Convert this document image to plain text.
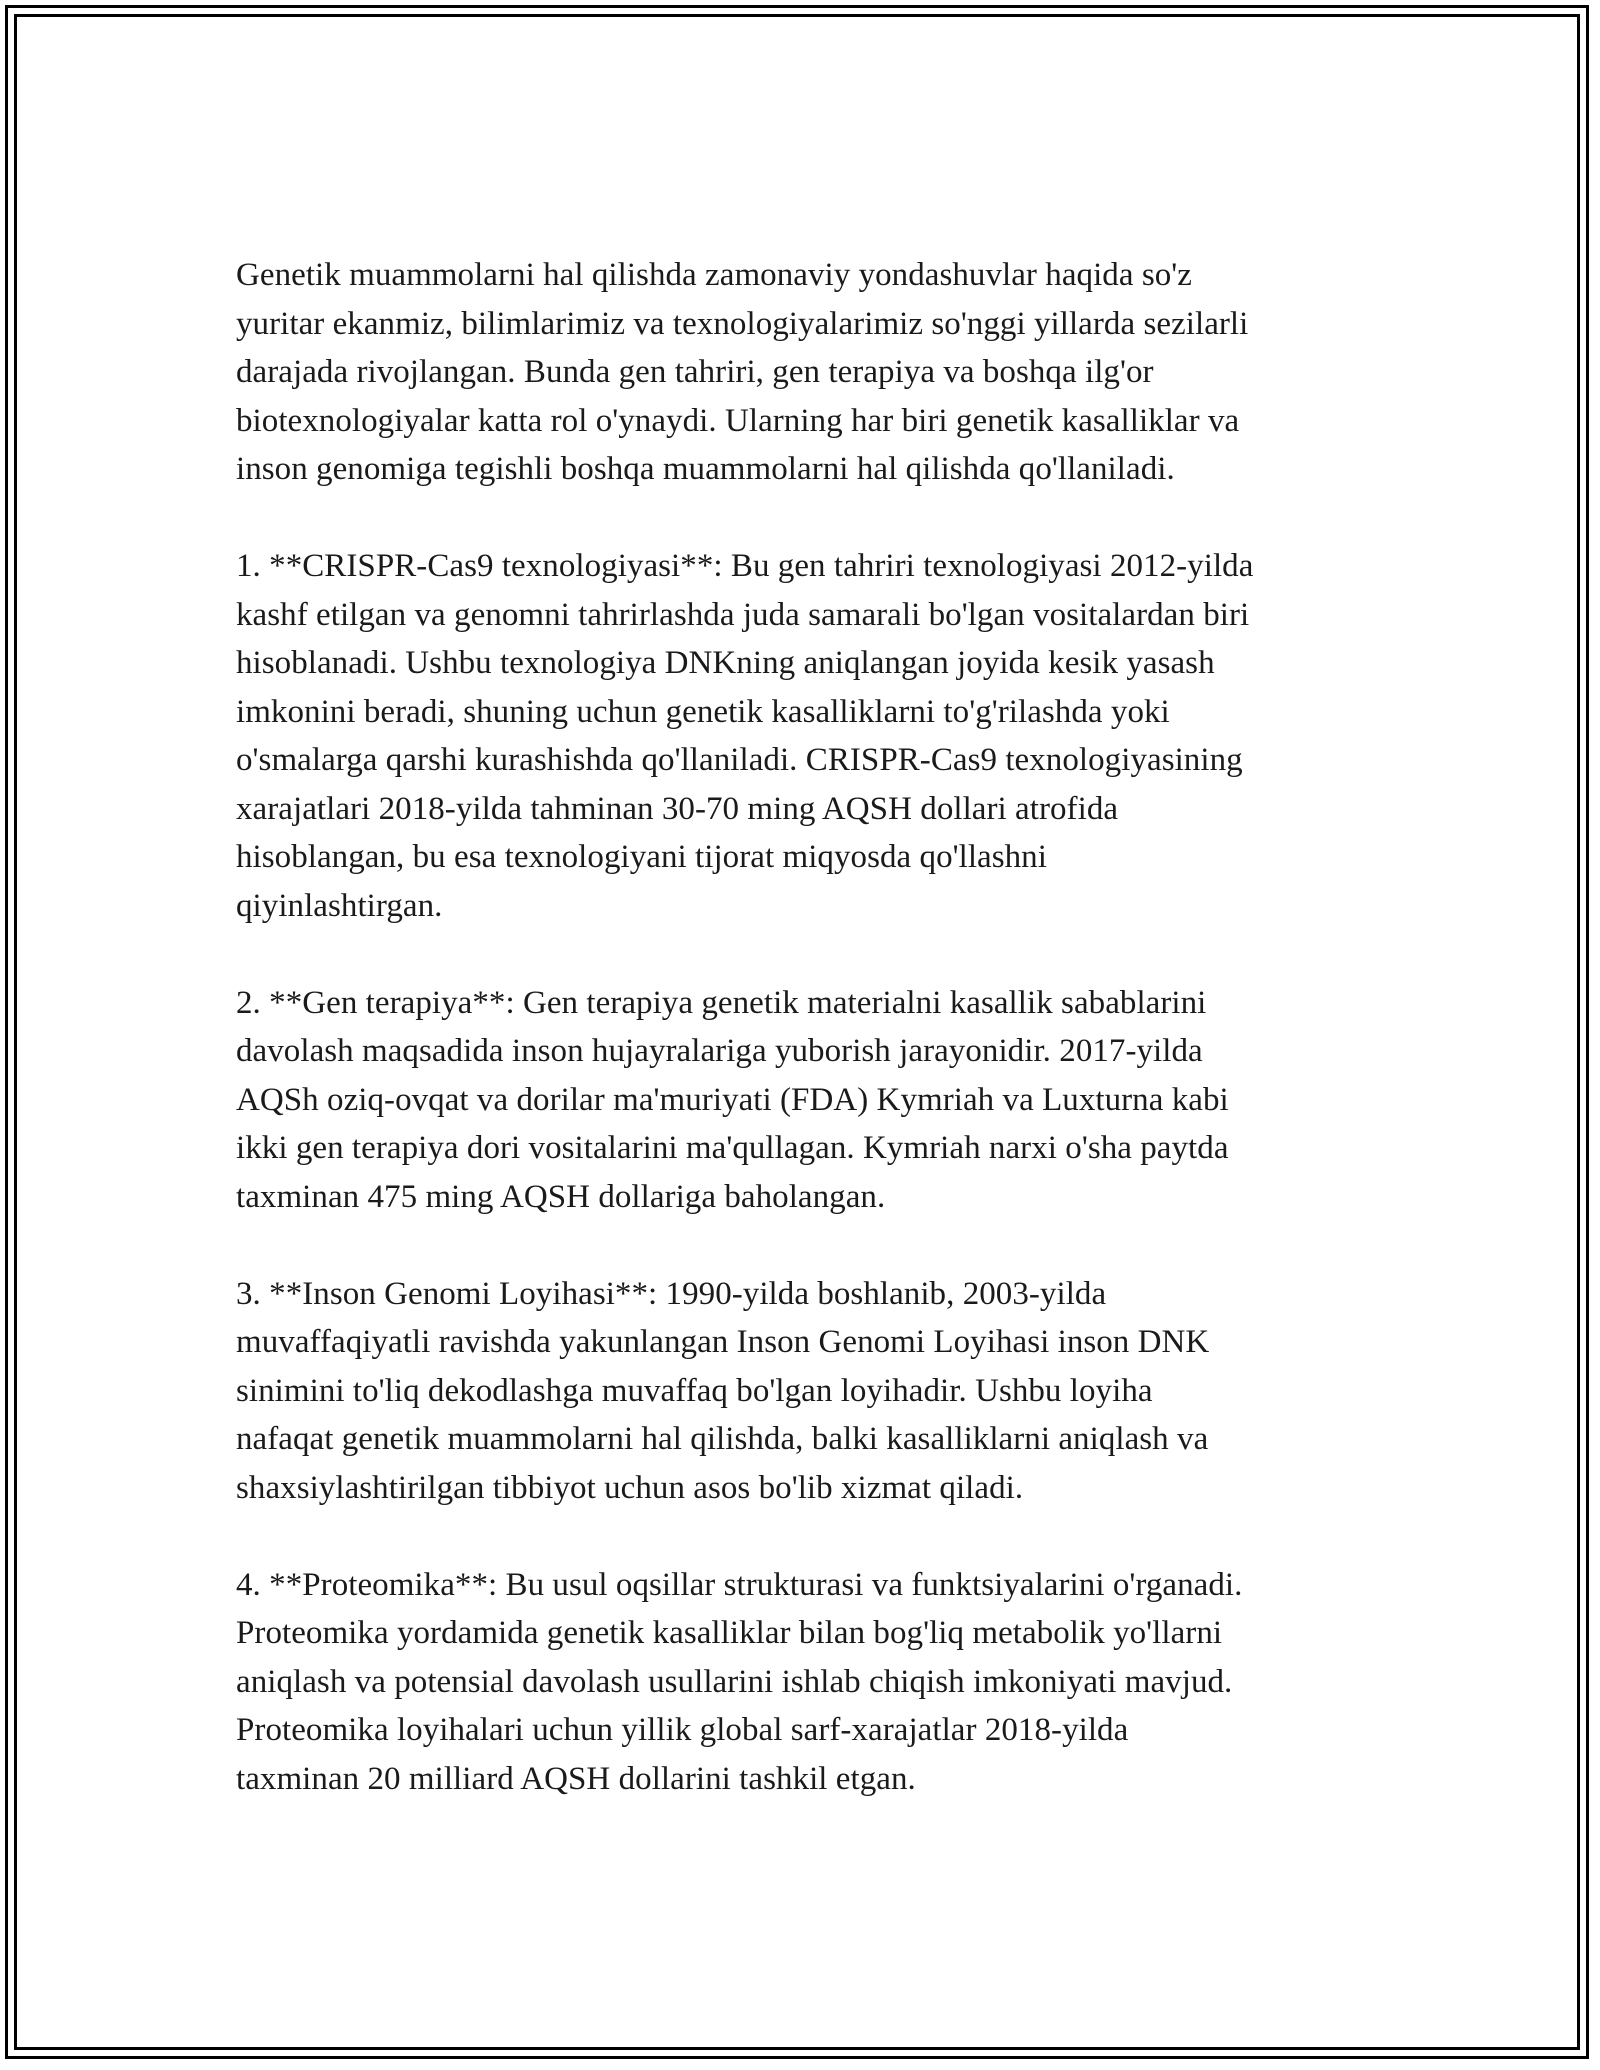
Genetik muammolarni hal qilishda zamonaviy yondashuvlar haqida so'z
yuritar ekanmiz, bilimlarimiz va texnologiyalarimiz so'nggi yillarda sezilarli
darajada rivojlangan. Bunda gen tahriri, gen terapiya va boshqa ilg'or
biotexnologiyalar katta rol o'ynaydi. Ularning har biri genetik kasalliklar va
inson genomiga tegishli boshqa muammolarni hal qilishda qo'llaniladi.

1. **CRISPR-Cas9 texnologiyasi**: Bu gen tahriri texnologiyasi 2012-yilda
kashf etilgan va genomni tahrirlashda juda samarali bo'lgan vositalardan biri
hisoblanadi. Ushbu texnologiya DNKning aniqlangan joyida kesik yasash
imkonini beradi, shuning uchun genetik kasalliklarni to'g'rilashda yoki
o'smalarga qarshi kurashishda qo'llaniladi. CRISPR-Cas9 texnologiyasining
xarajatlari 2018-yilda tahminan 30-70 ming AQSH dollari atrofida
hisoblangan, bu esa texnologiyani tijorat miqyosda qo'llashni
qiyinlashtirgan.

2. **Gen terapiya**: Gen terapiya genetik materialni kasallik sabablarini
davolash maqsadida inson hujayralariga yuborish jarayonidir. 2017-yilda
AQSh oziq-ovqat va dorilar ma'muriyati (FDA) Kymriah va Luxturna kabi
ikki gen terapiya dori vositalarini ma'qullagan. Kymriah narxi o'sha paytda
taxminan 475 ming AQSH dollariga baholangan.

3. **Inson Genomi Loyihasi**: 1990-yilda boshlanib, 2003-yilda
muvaffaqiyatli ravishda yakunlangan Inson Genomi Loyihasi inson DNK
sinimini to'liq dekodlashga muvaffaq bo'lgan loyihadir. Ushbu loyiha
nafaqat genetik muammolarni hal qilishda, balki kasalliklarni aniqlash va
shaxsiylashtirilgan tibbiyot uchun asos bo'lib xizmat qiladi.

4. **Proteomika**: Bu usul oqsillar strukturasi va funktsiyalarini o'rganadi.
Proteomika yordamida genetik kasalliklar bilan bog'liq metabolik yo'llarni
aniqlash va potensial davolash usullarini ishlab chiqish imkoniyati mavjud.
Proteomika loyihalari uchun yillik global sarf-xarajatlar 2018-yilda
taxminan 20 milliard AQSH dollarini tashkil etgan.
